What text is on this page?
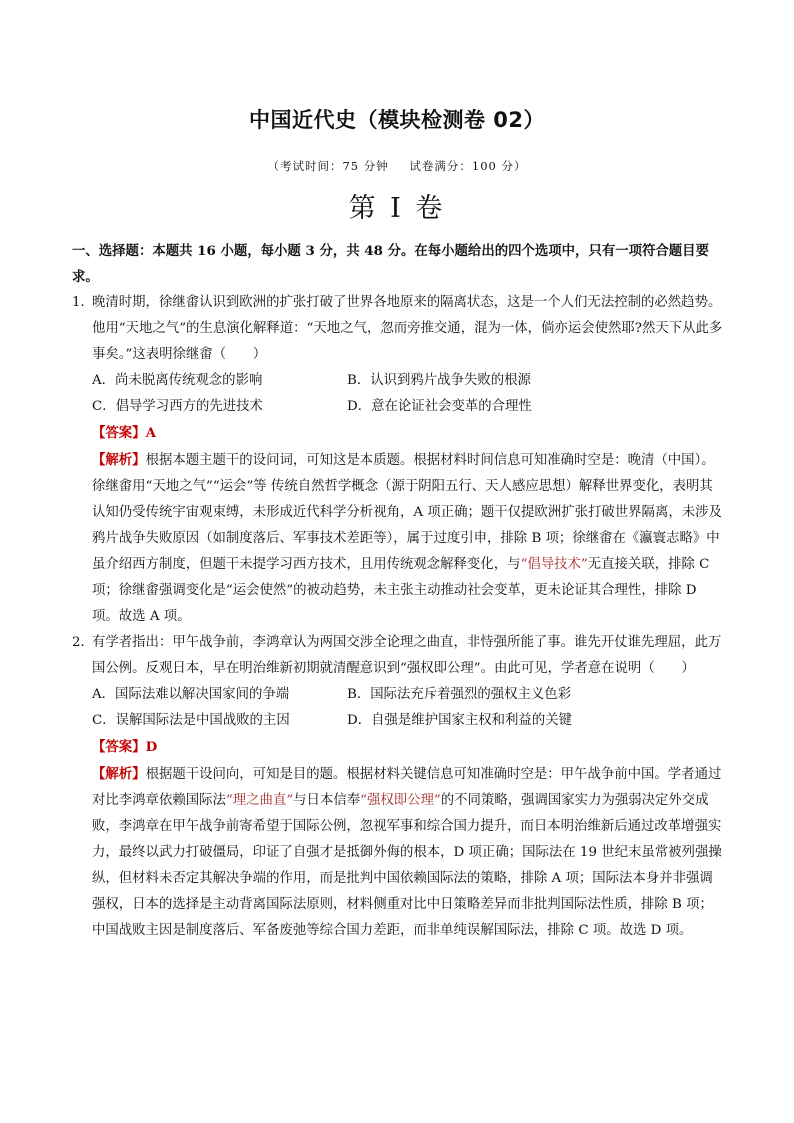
中国近代史（模块检测卷 02）
（考试时间：75 分钟 试卷满分：100 分）
第 I 卷
一、选择题：本题共 16 小题，每小题 3 分，共 48 分。在每小题给出的四个选项中，只有一项符合题目要求。
1．
晚清时期，徐继畬认识到欧洲的扩张打破了世界各地原来的隔离状态，这是一个人们无法控制的必然趋势。他用“天地之气”的生息演化解释道：“天地之气，忽而旁推交通，混为一体，倘亦运会使然耶?然天下从此多事矣。”这表明徐继畬（　　）
A．尚未脱离传统观念的影响	B．认识到鸦片战争失败的根源
C．倡导学习西方的先进技术	D．意在论证社会变革的合理性
【答案】A
【解析】根据本题主题干的设问词，可知这是本质题。根据材料时间信息可知准确时空是：晚清（中国）。徐继畬用“天地之气”“运会”等 传统自然哲学概念（源于阴阳五行、天人感应思想）解释世界变化，表明其认知仍受传统宇宙观束缚，未形成近代科学分析视角，A 项正确；题干仅提欧洲扩张打破世界隔离，未涉及鸦片战争失败原因（如制度落后、军事技术差距等），属于过度引申，排除 B 项；徐继畬在《瀛寰志略》中虽介绍西方制度，但题干未提学习西方技术，且用传统观念解释变化，与“倡导技术”无直接关联，排除 C 项；徐继畬强调变化是“运会使然”的被动趋势，未主张主动推动社会变革，更未论证其合理性，排除 D 项。故选 A 项。
2．
有学者指出：甲午战争前，李鸿章认为两国交涉全论理之曲直，非恃强所能了事。谁先开仗谁先理屈，此万国公例。反观日本，早在明治维新初期就清醒意识到“强权即公理”。由此可见，学者意在说明（　　）
A．国际法难以解决国家间的争端	B．国际法充斥着强烈的强权主义色彩
C．误解国际法是中国战败的主因	D．自强是维护国家主权和利益的关键
【答案】D
【解析】根据题干设问向，可知是目的题。根据材料关键信息可知准确时空是：甲午战争前中国。学者通过对比李鸿章依赖国际法“理之曲直”与日本信奉“强权即公理”的不同策略，强调国家实力为强弱决定外交成败，李鸿章在甲午战争前寄希望于国际公例，忽视军事和综合国力提升，而日本明治维新后通过改革增强实力，最终以武力打破僵局，印证了自强才是抵御外侮的根本，D 项正确；国际法在 19 世纪末虽常被列强操纵，但材料未否定其解决争端的作用，而是批判中国依赖国际法的策略，排除 A 项；国际法本身并非强调强权，日本的选择是主动背离国际法原则，材料侧重对比中日策略差异而非批判国际法性质，排除 B 项；中国战败主因是制度落后、军备废弛等综合国力差距，而非单纯误解国际法，排除 C 项。故选 D 项。
